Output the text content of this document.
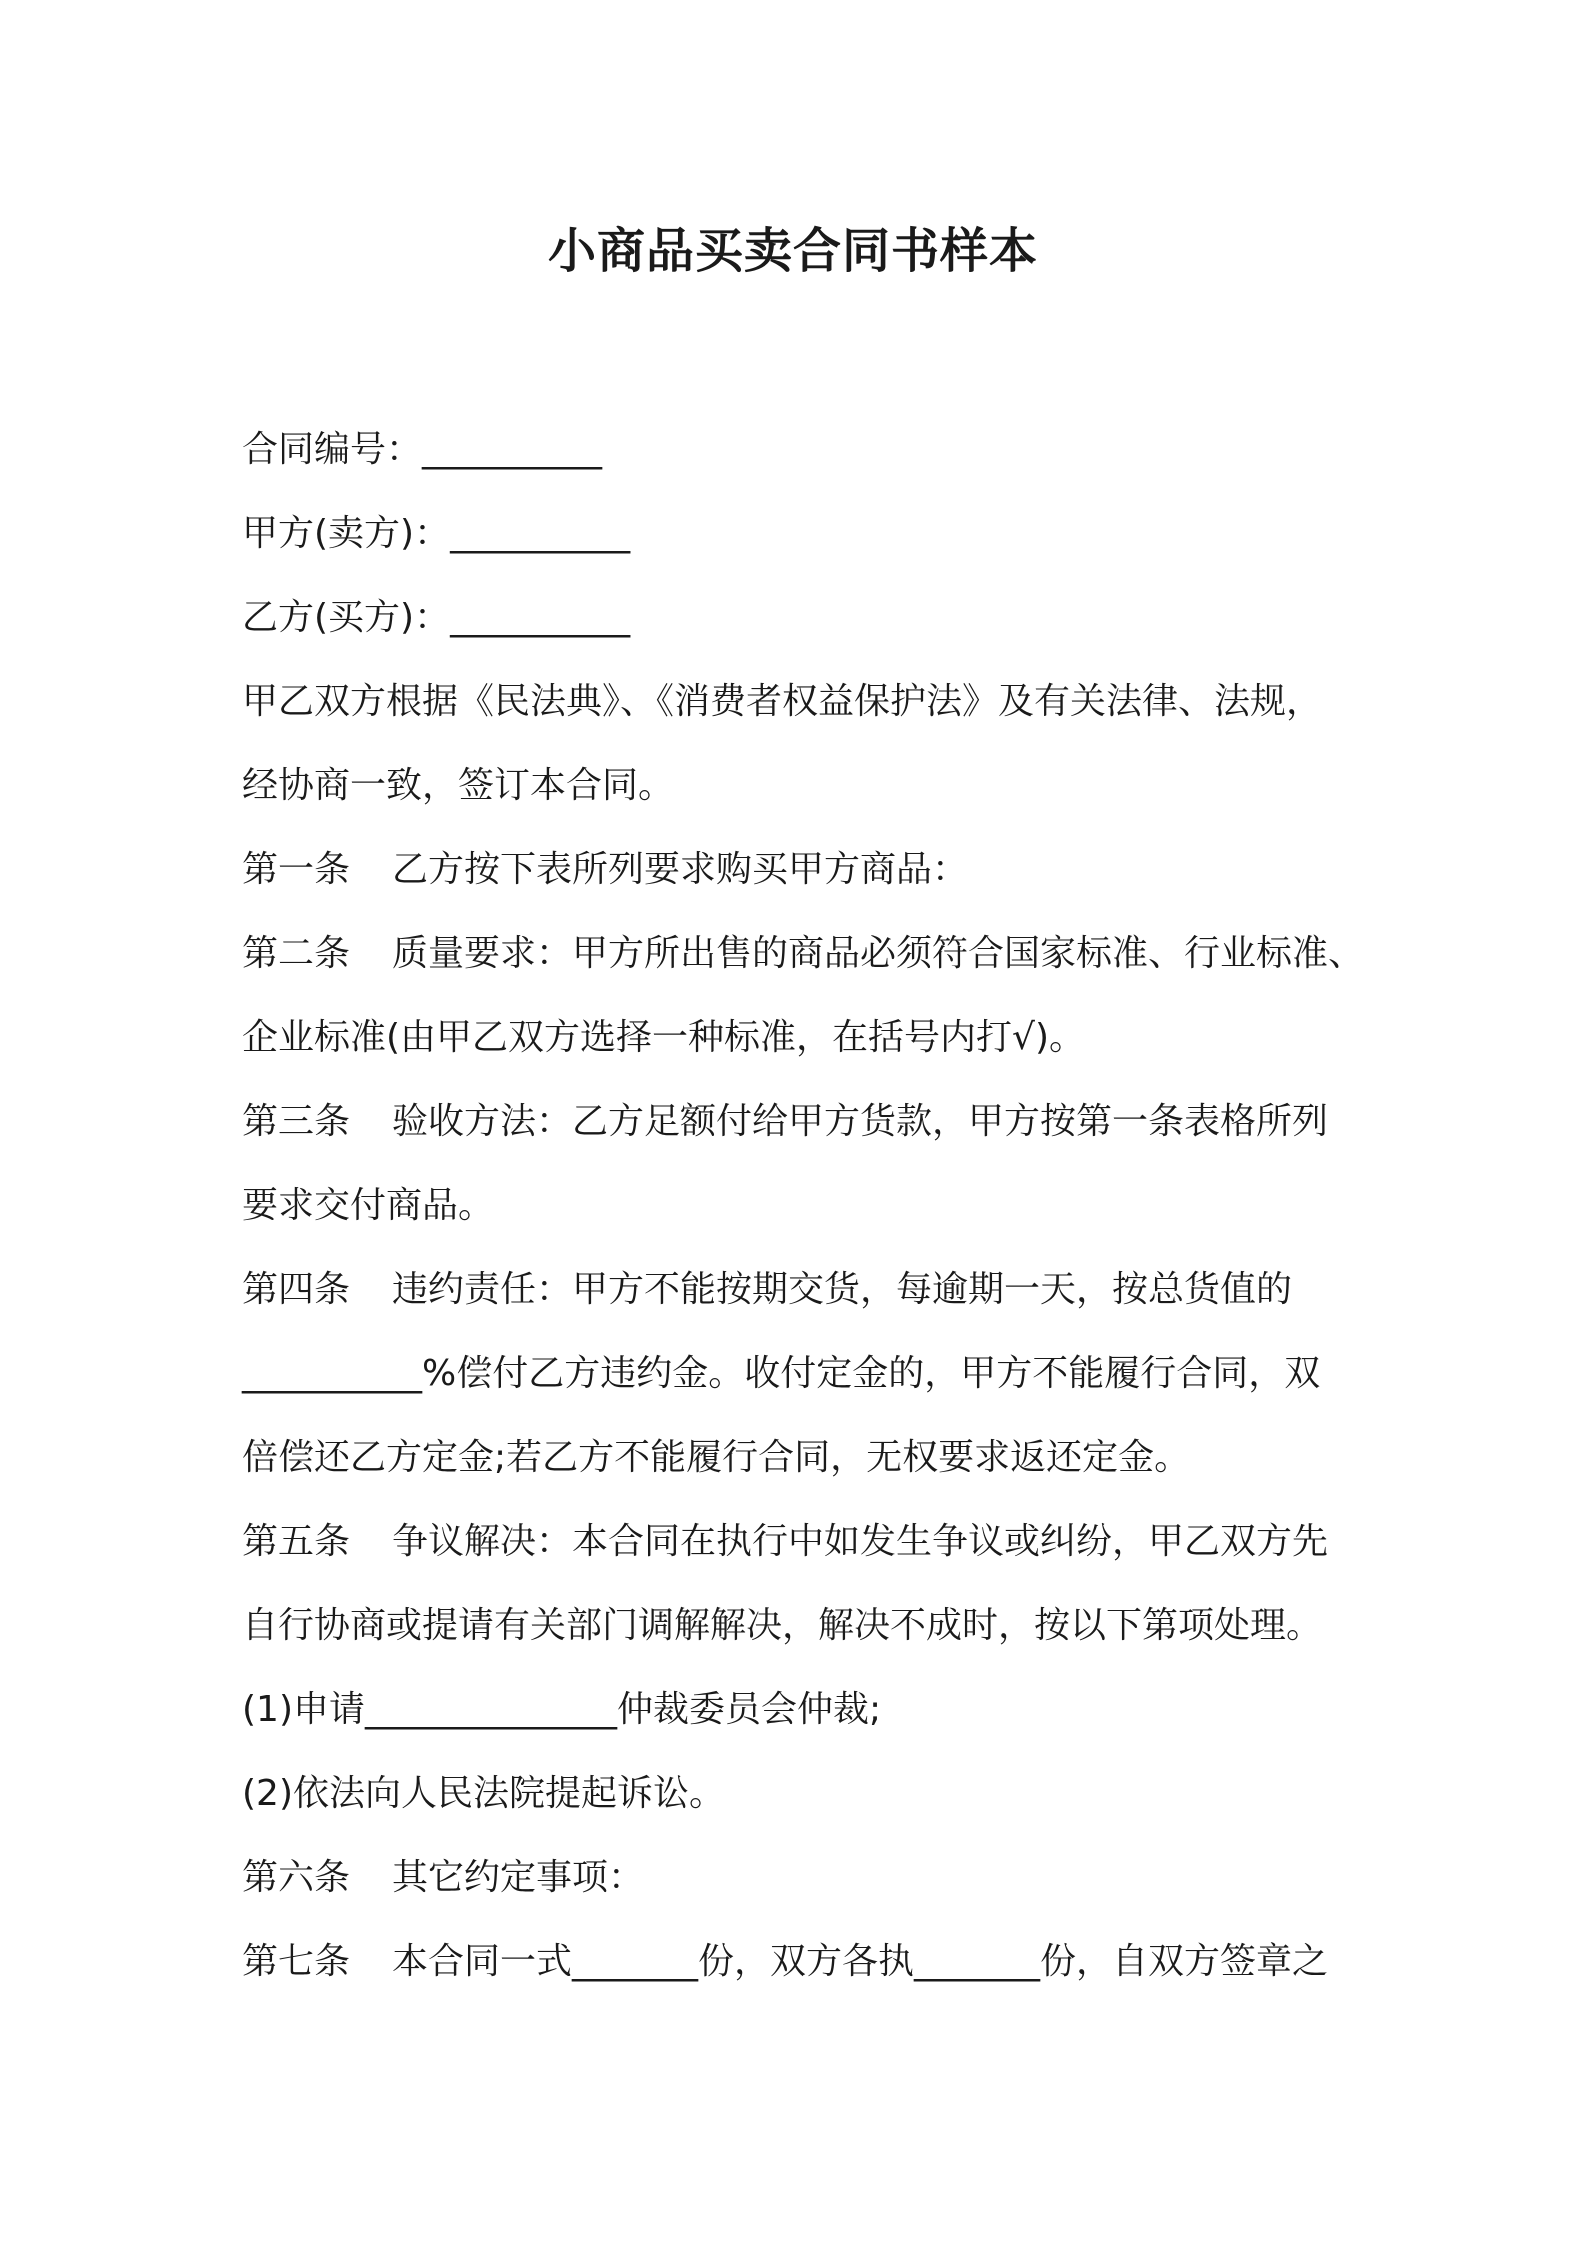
小商品买卖合同书样本
合同编号：__________
甲方(卖方)：__________
乙方(买方)：__________
甲乙双方根据《民法典》、《消费者权益保护法》及有关法律、法规，
经协商一致，签订本合同。
第一条 乙方按下表所列要求购买甲方商品：
第二条 质量要求：甲方所出售的商品必须符合国家标准、行业标准、
企业标准(由甲乙双方选择一种标准，在括号内打√)。
第三条 验收方法：乙方足额付给甲方货款，甲方按第一条表格所列
要求交付商品。
第四条 违约责任：甲方不能按期交货，每逾期一天，按总货值的
__________%偿付乙方违约金。收付定金的，甲方不能履行合同，双
倍偿还乙方定金;若乙方不能履行合同，无权要求返还定金。
第五条 争议解决：本合同在执行中如发生争议或纠纷，甲乙双方先
自行协商或提请有关部门调解解决，解决不成时，按以下第项处理。
(1)申请______________仲裁委员会仲裁;
(2)依法向人民法院提起诉讼。
第六条 其它约定事项：
第七条 本合同一式_______份，双方各执_______份，自双方签章之
